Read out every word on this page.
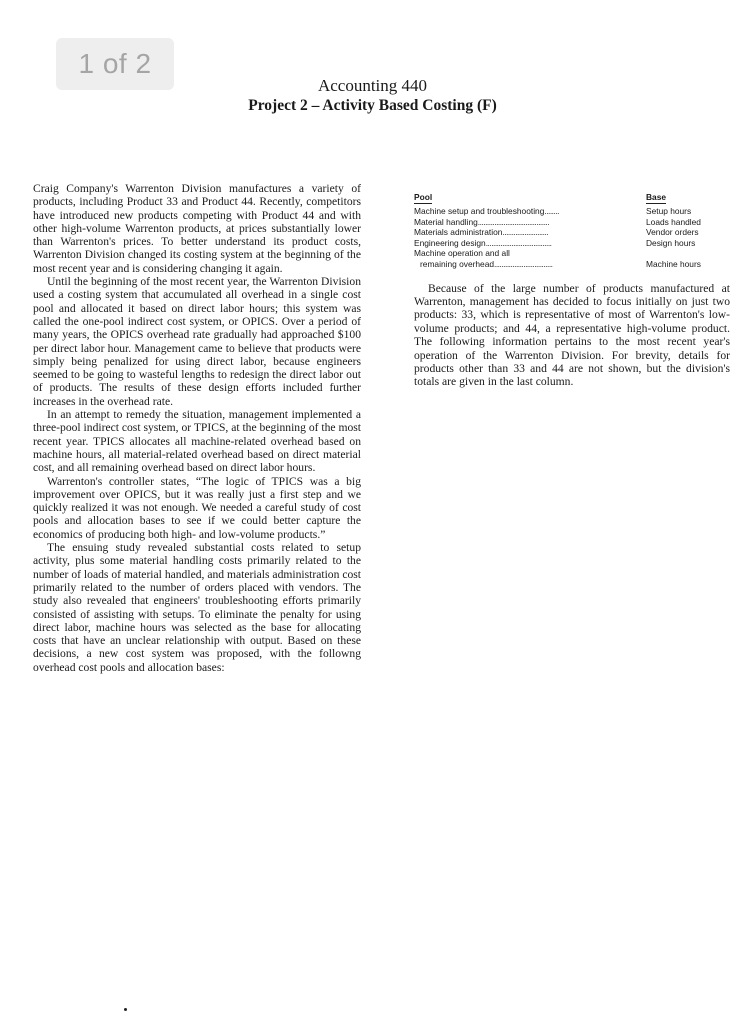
1 of 2
Accounting 440
Project 2 – Activity Based Costing (F)

Craig Company's Warrenton Division manufactures a variety of products, including Product 33 and Product 44. Recently, competitors have introduced new products competing with Product 44 and with other high-volume Warrenton products, at prices substantially lower than Warrenton's prices. To better understand its product costs, Warrenton Division changed its costing system at the beginning of the most recent year and is considering changing it again.

Until the beginning of the most recent year, the Warrenton Division used a costing system that accumulated all overhead in a single cost pool and allocated it based on direct labor hours; this system was called the one-pool indirect cost system, or OPICS. Over a period of many years, the OPICS overhead rate gradually had approached $100 per direct labor hour. Management came to believe that products were simply being penalized for using direct labor, because engineers seemed to be going to wasteful lengths to redesign the direct labor out of products. The results of these design efforts included further increases in the overhead rate.

In an attempt to remedy the situation, management implemented a three-pool indirect cost system, or TPICS, at the beginning of the most recent year. TPICS allocates all machine-related overhead based on machine hours, all material-related overhead based on direct material cost, and all remaining overhead based on direct labor hours.

Warrenton's controller states, “The logic of TPICS was a big improvement over OPICS, but it was really just a first step and we quickly realized it was not enough. We needed a careful study of cost pools and allocation bases to see if we could better capture the economics of producing both high- and low-volume products.”

The ensuing study revealed substantial costs related to setup activity, plus some material handling costs primarily related to the number of loads of material handled, and materials administration cost primarily related to the number of orders placed with vendors. The study also revealed that engineers' troubleshooting efforts primarily consisted of assisting with setups. To eliminate the penalty for using direct labor, machine hours was selected as the base for allocating costs that have an unclear relationship with output. Based on these decisions, a new cost system was proposed, with the followng overhead cost pools and allocation bases:

Pool	Base
Machine setup and troubleshooting........	Setup hours
Material handling.......................................	Loads handled
Materials administration.........................	Vendor orders
Engineering design....................................	Design hours
Machine operation and all
remaining overhead................................	Machine hours

Because of the large number of products manufactured at Warrenton, management has decided to focus initially on just two products: 33, which is representative of most of Warrenton's low-volume products; and 44, a representative high-volume product. The following information pertains to the most recent year's operation of the Warrenton Division. For brevity, details for products other than 33 and 44 are not shown, but the division's totals are given in the last column.
